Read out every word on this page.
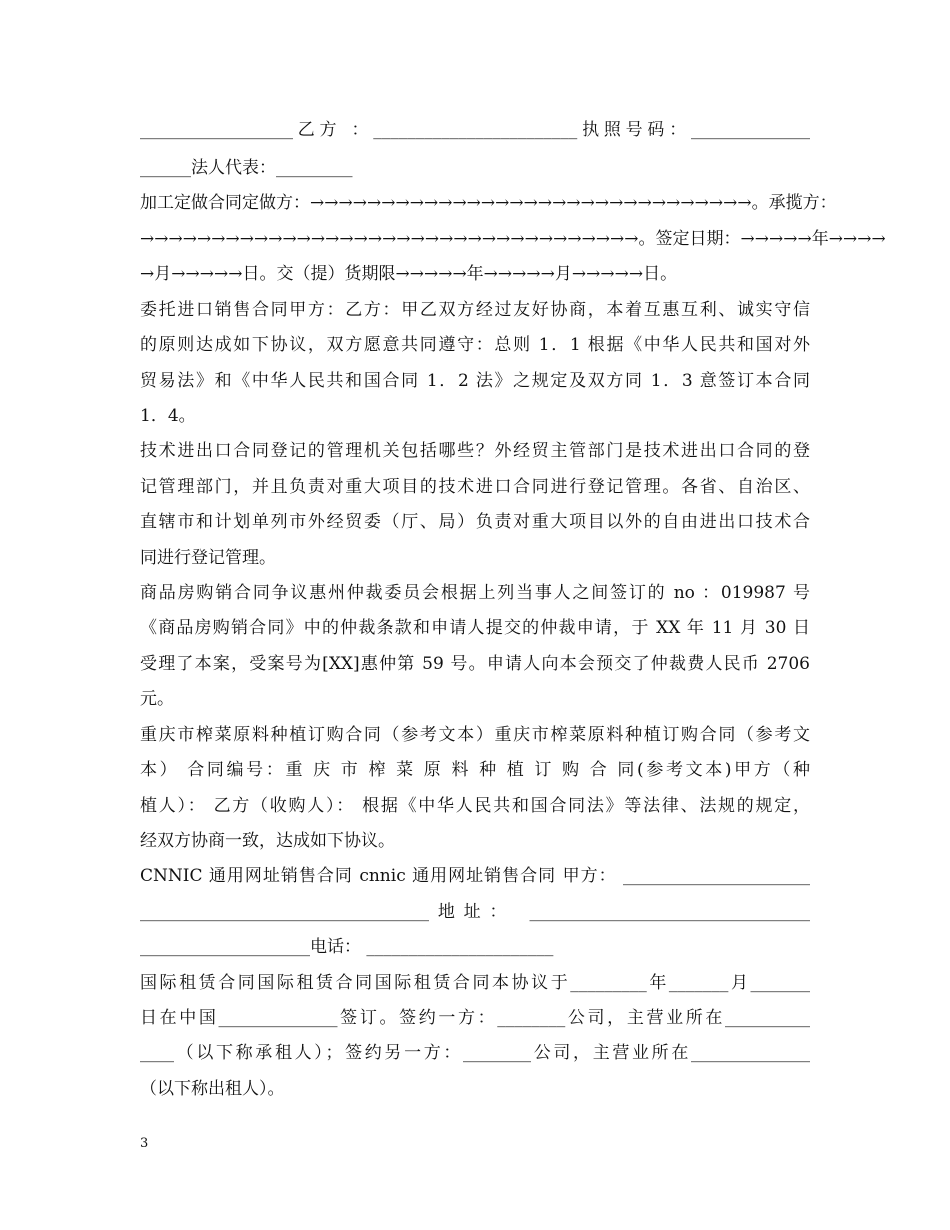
__________________乙方 ：________________________执照号码：______________
______法人代表：_________
加工定做合同定做方：→→→→→→→→→→→→→→→→→→→→→→→→→→→→→→→。承揽方：
→→→→→→→→→→→→→→→→→→→→→→→→→→→→→→→→→→→。签定日期：→→→→→年→→→→
→月→→→→→日。交（提）货期限→→→→→年→→→→→月→→→→→日。
委托进口销售合同甲方：乙方：甲乙双方经过友好协商，本着互惠互利、诚实守信
的原则达成如下协议，双方愿意共同遵守：总则 1．1 根据《中华人民共和国对外
贸易法》和《中华人民共和国合同 1．2 法》之规定及双方同 1．3 意签订本合同
1．4。
技术进出口合同登记的管理机关包括哪些？外经贸主管部门是技术进出口合同的登
记管理部门，并且负责对重大项目的技术进口合同进行登记管理。各省、自治区、
直辖市和计划单列市外经贸委（厅、局）负责对重大项目以外的自由进出口技术合
同进行登记管理。
商品房购销合同争议惠州仲裁委员会根据上列当事人之间签订的 no ：019987 号
《商品房购销合同》中的仲裁条款和申请人提交的仲裁申请，于 XX 年 11 月 30 日
受理了本案，受案号为[XX]惠仲第 59 号。申请人向本会预交了仲裁费人民币 2706
元。
重庆市榨菜原料种植订购合同（参考文本）重庆市榨菜原料种植订购合同（参考文
本） 合同编号：重 庆 市 榨 菜 原 料 种 植 订 购 合 同(参考文本)甲方（种
植人）： 乙方（收购人）： 根据《中华人民共和国合同法》等法律、法规的规定，
经双方协商一致，达成如下协议。
CNNIC 通用网址销售合同 cnnic 通用网址销售合同 甲方： ______________________
__________________________________地址： _________________________________
____________________电话： ______________________
国际租赁合同国际租赁合同国际租赁合同本协议于_________年_______月_______
日在中国______________签订。签约一方：________公司，主营业所在__________
____（以下称承租人）；签约另一方：________公司，主营业所在______________
（以下称出租人）。
3
